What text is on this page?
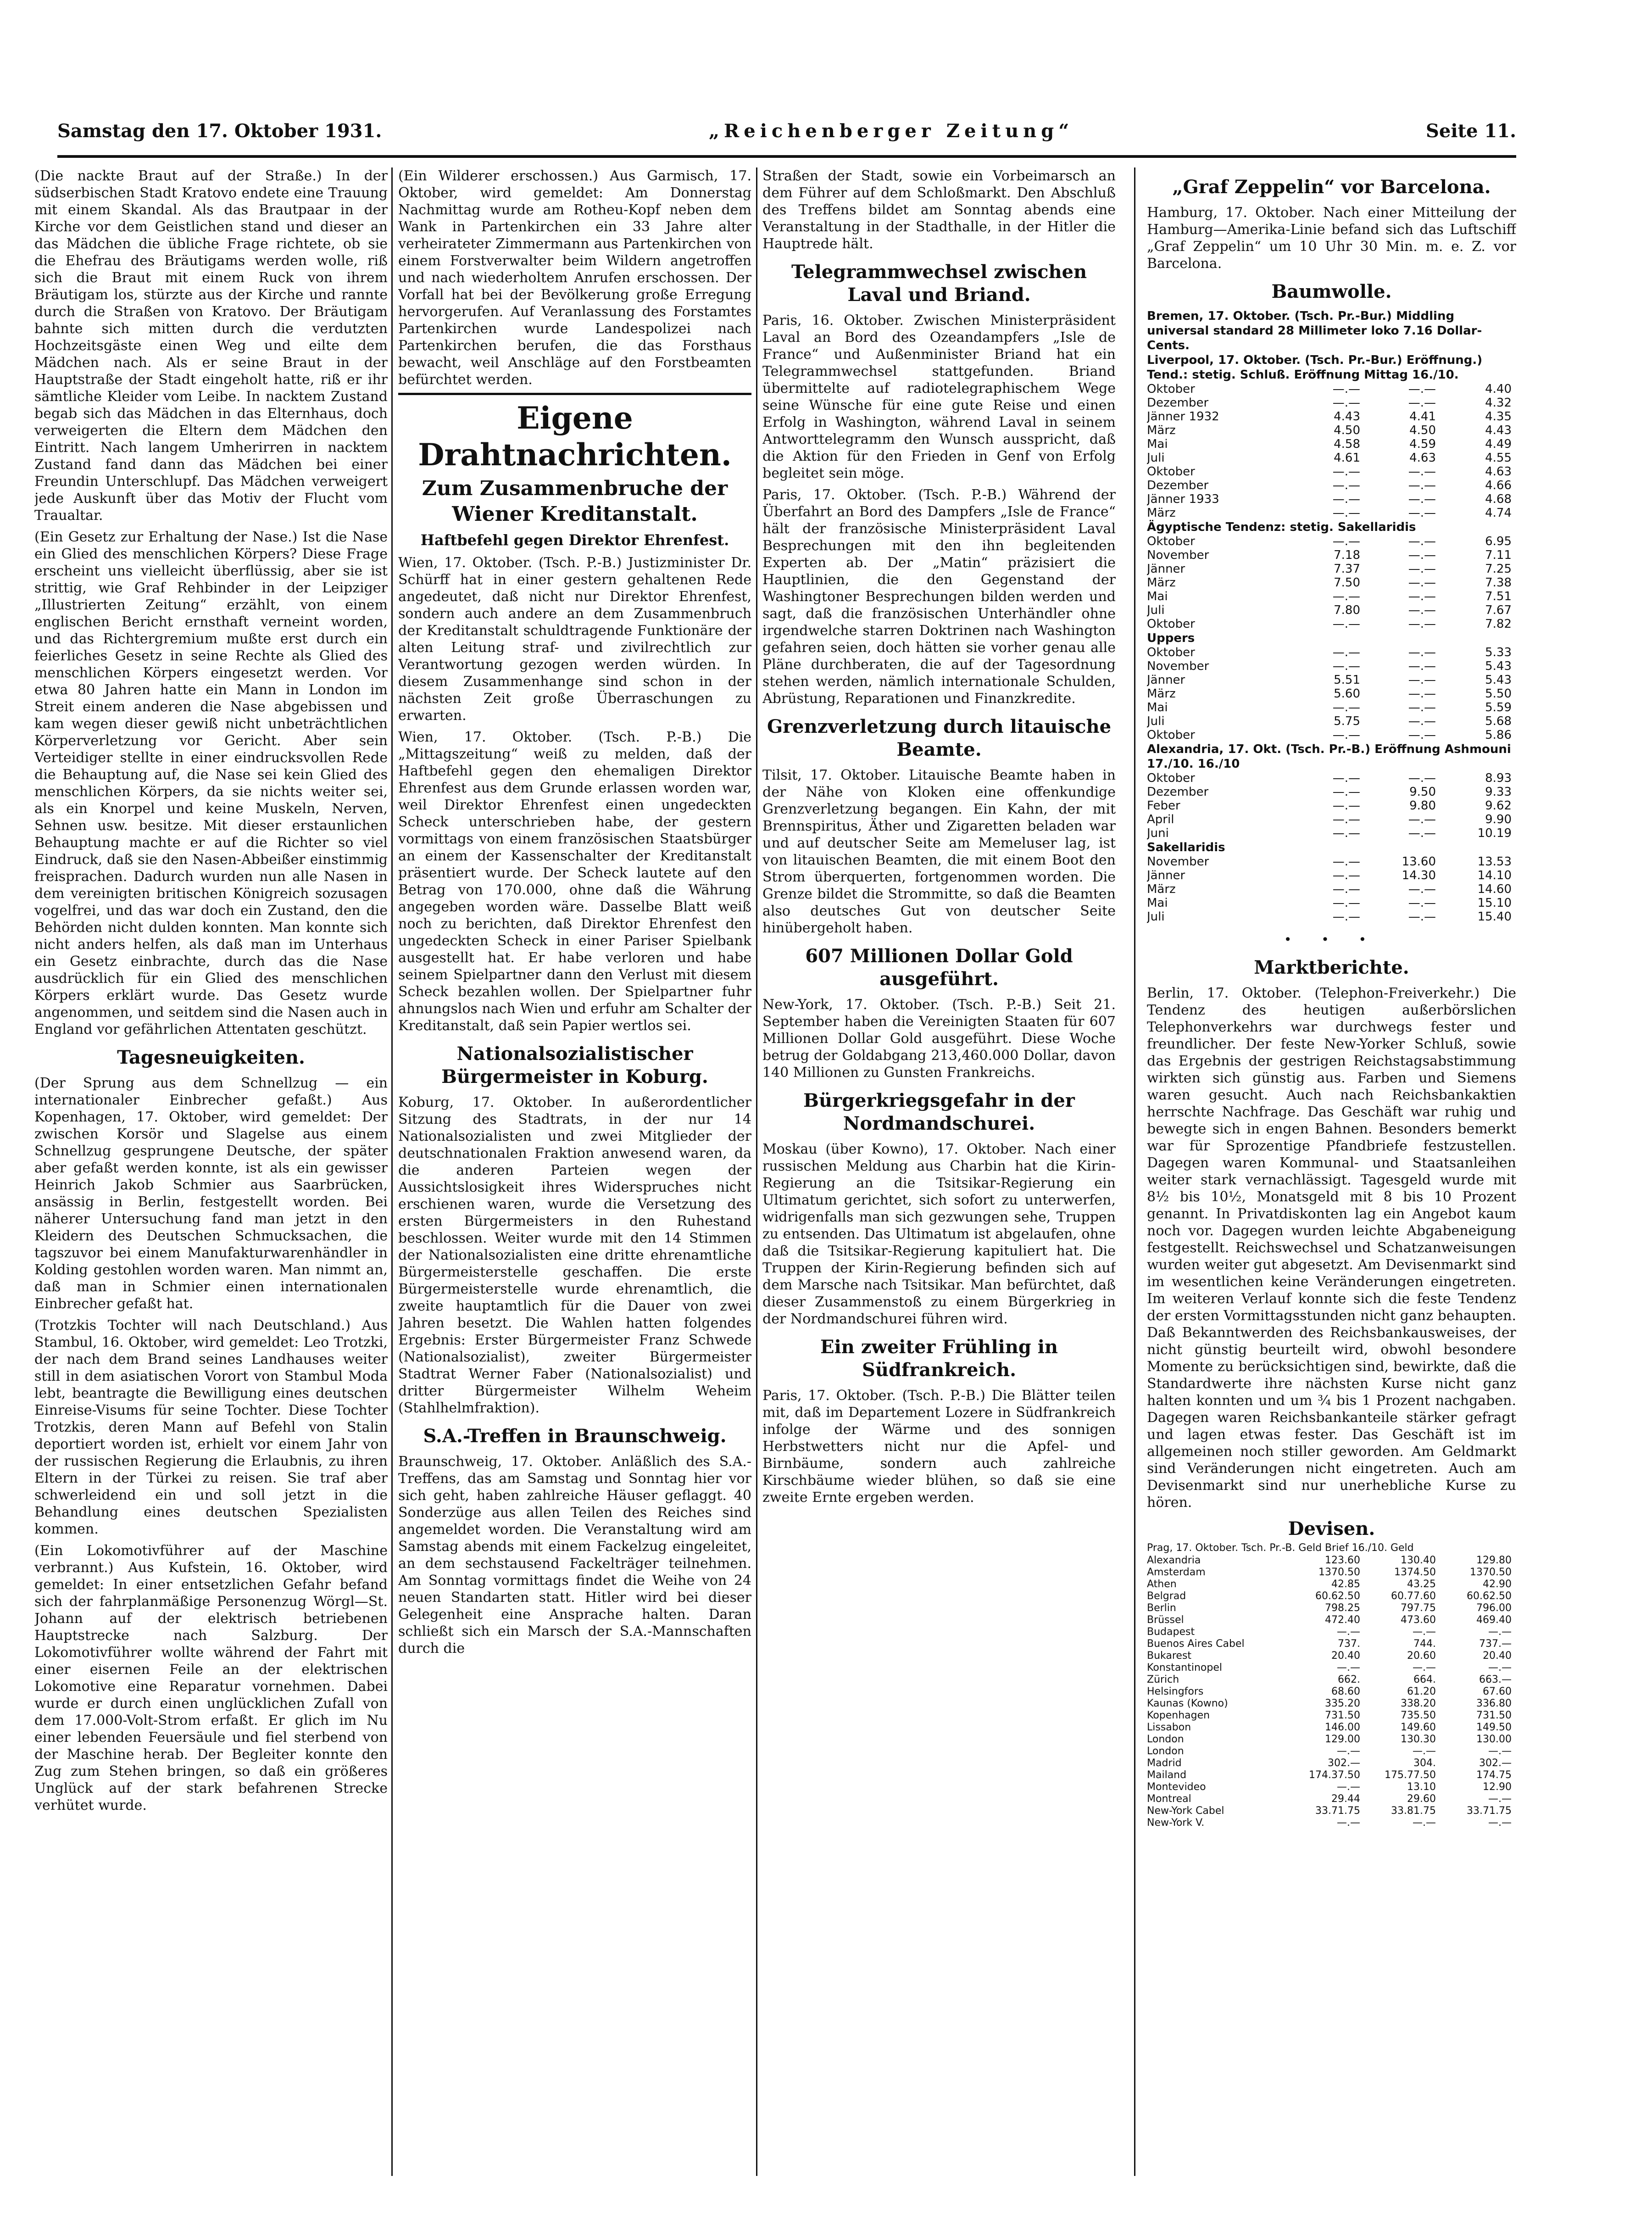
Samstag den 17. Oktober 1931.	„Reichenberger Zeitung“	Seite 11.

(Die nackte Braut auf der Straße.) In der südserbischen Stadt Kratovo endete eine Trauung mit einem Skandal. Als das Brautpaar in der Kirche vor dem Geistlichen stand und dieser an das Mädchen die übliche Frage richtete, ob sie die Ehefrau des Bräutigams werden wolle, riß sich die Braut mit einem Ruck von ihrem Bräutigam los, stürzte aus der Kirche und rannte durch die Straßen von Kratovo. Der Bräutigam bahnte sich mitten durch die verdutzten Hochzeitsgäste einen Weg und eilte dem Mädchen nach. Als er seine Braut in der Hauptstraße der Stadt eingeholt hatte, riß er ihr sämtliche Kleider vom Leibe. In nacktem Zustand begab sich das Mädchen in das Elternhaus, doch verweigerten die Eltern dem Mädchen den Eintritt. Nach langem Umherirren in nacktem Zustand fand dann das Mädchen bei einer Freundin Unterschlupf. Das Mädchen verweigert jede Auskunft über das Motiv der Flucht vom Traualtar.

(Ein Gesetz zur Erhaltung der Nase.) Ist die Nase ein Glied des menschlichen Körpers? Diese Frage erscheint uns vielleicht überflüssig, aber sie ist strittig, wie Graf Rehbinder in der Leipziger „Illustrierten Zeitung“ erzählt, von einem englischen Bericht ernsthaft verneint worden, und das Richtergremium mußte erst durch ein feierliches Gesetz in seine Rechte als Glied des menschlichen Körpers eingesetzt werden. Vor etwa 80 Jahren hatte ein Mann in London im Streit einem anderen die Nase abgebissen und kam wegen dieser gewiß nicht unbeträchtlichen Körperverletzung vor Gericht. Aber sein Verteidiger stellte in einer eindrucksvollen Rede die Behauptung auf, die Nase sei kein Glied des menschlichen Körpers, da sie nichts weiter sei, als ein Knorpel und keine Muskeln, Nerven, Sehnen usw. besitze. Mit dieser erstaunlichen Behauptung machte er auf die Richter so viel Eindruck, daß sie den Nasen-Abbeißer einstimmig freisprachen. Dadurch wurden nun alle Nasen in dem vereinigten britischen Königreich sozusagen vogelfrei, und das war doch ein Zustand, den die Behörden nicht dulden konnten. Man konnte sich nicht anders helfen, als daß man im Unterhaus ein Gesetz einbrachte, durch das die Nase ausdrücklich für ein Glied des menschlichen Körpers erklärt wurde. Das Gesetz wurde angenommen, und seitdem sind die Nasen auch in England vor gefährlichen Attentaten geschützt.

Tagesneuigkeiten.

(Der Sprung aus dem Schnellzug — ein internationaler Einbrecher gefaßt.) Aus Kopenhagen, 17. Oktober, wird gemeldet: Der zwischen Korsör und Slagelse aus einem Schnellzug gesprungene Deutsche, der später aber gefaßt werden konnte, ist als ein gewisser Heinrich Jakob Schmier aus Saarbrücken, ansässig in Berlin, festgestellt worden. Bei näherer Untersuchung fand man jetzt in den Kleidern des Deutschen Schmucksachen, die tagszuvor bei einem Manufakturwarenhändler in Kolding gestohlen worden waren. Man nimmt an, daß man in Schmier einen internationalen Einbrecher gefaßt hat.

(Trotzkis Tochter will nach Deutschland.) Aus Stambul, 16. Oktober, wird gemeldet: Leo Trotzki, der nach dem Brand seines Landhauses weiter still in dem asiatischen Vorort von Stambul Moda lebt, beantragte die Bewilligung eines deutschen Einreise-Visums für seine Tochter. Diese Tochter Trotzkis, deren Mann auf Befehl von Stalin deportiert worden ist, erhielt vor einem Jahr von der russischen Regierung die Erlaubnis, zu ihren Eltern in der Türkei zu reisen. Sie traf aber schwerleidend ein und soll jetzt in die Behandlung eines deutschen Spezialisten kommen.

(Ein Lokomotivführer auf der Maschine verbrannt.) Aus Kufstein, 16. Oktober, wird gemeldet: In einer entsetzlichen Gefahr befand sich der fahrplanmäßige Personenzug Wörgl—St. Johann auf der elektrisch betriebenen Hauptstrecke nach Salzburg. Der Lokomotivführer wollte während der Fahrt mit einer eisernen Feile an der elektrischen Lokomotive eine Reparatur vornehmen. Dabei wurde er durch einen unglücklichen Zufall von dem 17.000-Volt-Strom erfaßt. Er glich im Nu einer lebenden Feuersäule und fiel sterbend von der Maschine herab. Der Begleiter konnte den Zug zum Stehen bringen, so daß ein größeres Unglück auf der stark befahrenen Strecke verhütet wurde.

(Ein Wilderer erschossen.) Aus Garmisch, 17. Oktober, wird gemeldet: Am Donnerstag Nachmittag wurde am Rotheu-Kopf neben dem Wank in Partenkirchen ein 33 Jahre alter verheirateter Zimmermann aus Partenkirchen von einem Forstverwalter beim Wildern angetroffen und nach wiederholtem Anrufen erschossen. Der Vorfall hat bei der Bevölkerung große Erregung hervorgerufen. Auf Veranlassung des Forstamtes Partenkirchen wurde Landespolizei nach Partenkirchen berufen, die das Forsthaus bewacht, weil Anschläge auf den Forstbeamten befürchtet werden.

Eigene Drahtnachrichten.
Zum Zusammenbruche der Wiener Kreditanstalt.
Haftbefehl gegen Direktor Ehrenfest.

Wien, 17. Oktober. (Tsch. P.-B.) Justizminister Dr. Schürff hat in einer gestern gehaltenen Rede angedeutet, daß nicht nur Direktor Ehrenfest, sondern auch andere an dem Zusammenbruch der Kreditanstalt schuldtragende Funktionäre der alten Leitung straf- und zivilrechtlich zur Verantwortung gezogen werden würden. In diesem Zusammenhange sind schon in der nächsten Zeit große Überraschungen zu erwarten.

Wien, 17. Oktober. (Tsch. P.-B.) Die „Mittagszeitung“ weiß zu melden, daß der Haftbefehl gegen den ehemaligen Direktor Ehrenfest aus dem Grunde erlassen worden war, weil Direktor Ehrenfest einen ungedeckten Scheck unterschrieben habe, der gestern vormittags von einem französischen Staatsbürger an einem der Kassenschalter der Kreditanstalt präsentiert wurde. Der Scheck lautete auf den Betrag von 170.000, ohne daß die Währung angegeben worden wäre. Dasselbe Blatt weiß noch zu berichten, daß Direktor Ehrenfest den ungedeckten Scheck in einer Pariser Spielbank ausgestellt hat. Er habe verloren und habe seinem Spielpartner dann den Verlust mit diesem Scheck bezahlen wollen. Der Spielpartner fuhr ahnungslos nach Wien und erfuhr am Schalter der Kreditanstalt, daß sein Papier wertlos sei.

Nationalsozialistischer Bürgermeister in Koburg.

Koburg, 17. Oktober. In außerordentlicher Sitzung des Stadtrats, in der nur 14 Nationalsozialisten und zwei Mitglieder der deutschnationalen Fraktion anwesend waren, da die anderen Parteien wegen der Aussichtslosigkeit ihres Widerspruches nicht erschienen waren, wurde die Versetzung des ersten Bürgermeisters in den Ruhestand beschlossen. Weiter wurde mit den 14 Stimmen der Nationalsozialisten eine dritte ehrenamtliche Bürgermeisterstelle geschaffen. Die erste Bürgermeisterstelle wurde ehrenamtlich, die zweite hauptamtlich für die Dauer von zwei Jahren besetzt. Die Wahlen hatten folgendes Ergebnis: Erster Bürgermeister Franz Schwede (Nationalsozialist), zweiter Bürgermeister Stadtrat Werner Faber (Nationalsozialist) und dritter Bürgermeister Wilhelm Weheim (Stahlhelmfraktion).

S.A.-Treffen in Braunschweig.

Braunschweig, 17. Oktober. Anläßlich des S.A.-Treffens, das am Samstag und Sonntag hier vor sich geht, haben zahlreiche Häuser geflaggt. 40 Sonderzüge aus allen Teilen des Reiches sind angemeldet worden. Die Veranstaltung wird am Samstag abends mit einem Fackelzug eingeleitet, an dem sechstausend Fackelträger teilnehmen. Am Sonntag vormittags findet die Weihe von 24 neuen Standarten statt. Hitler wird bei dieser Gelegenheit eine Ansprache halten. Daran schließt sich ein Marsch der S.A.-Mannschaften durch die

Straßen der Stadt, sowie ein Vorbeimarsch an dem Führer auf dem Schloßmarkt. Den Abschluß des Treffens bildet am Sonntag abends eine Veranstaltung in der Stadthalle, in der Hitler die Hauptrede hält.

Telegrammwechsel zwischen Laval und Briand.

Paris, 16. Oktober. Zwischen Ministerpräsident Laval an Bord des Ozeandampfers „Isle de France“ und Außenminister Briand hat ein Telegrammwechsel stattgefunden. Briand übermittelte auf radiotelegraphischem Wege seine Wünsche für eine gute Reise und einen Erfolg in Washington, während Laval in seinem Antworttelegramm den Wunsch ausspricht, daß die Aktion für den Frieden in Genf von Erfolg begleitet sein möge.

Paris, 17. Oktober. (Tsch. P.-B.) Während der Überfahrt an Bord des Dampfers „Isle de France“ hält der französische Ministerpräsident Laval Besprechungen mit den ihn begleitenden Experten ab. Der „Matin“ präzisiert die Hauptlinien, die den Gegenstand der Washingtoner Besprechungen bilden werden und sagt, daß die französischen Unterhändler ohne irgendwelche starren Doktrinen nach Washington gefahren seien, doch hätten sie vorher genau alle Pläne durchberaten, die auf der Tagesordnung stehen werden, nämlich internationale Schulden, Abrüstung, Reparationen und Finanzkredite.

Grenzverletzung durch litauische Beamte.

Tilsit, 17. Oktober. Litauische Beamte haben in der Nähe von Kloken eine offenkundige Grenzverletzung begangen. Ein Kahn, der mit Brennspiritus, Äther und Zigaretten beladen war und auf deutscher Seite am Memeluser lag, ist von litauischen Beamten, die mit einem Boot den Strom überquerten, fortgenommen worden. Die Grenze bildet die Strommitte, so daß die Beamten also deutsches Gut von deutscher Seite hinübergeholt haben.

607 Millionen Dollar Gold ausgeführt.

New-York, 17. Oktober. (Tsch. P.-B.) Seit 21. September haben die Vereinigten Staaten für 607 Millionen Dollar Gold ausgeführt. Diese Woche betrug der Goldabgang 213,460.000 Dollar, davon 140 Millionen zu Gunsten Frankreichs.

Bürgerkriegsgefahr in der Nordmandschurei.

Moskau (über Kowno), 17. Oktober. Nach einer russischen Meldung aus Charbin hat die Kirin-Regierung an die Tsitsikar-Regierung ein Ultimatum gerichtet, sich sofort zu unterwerfen, widrigenfalls man sich gezwungen sehe, Truppen zu entsenden. Das Ultimatum ist abgelaufen, ohne daß die Tsitsikar-Regierung kapituliert hat. Die Truppen der Kirin-Regierung befinden sich auf dem Marsche nach Tsitsikar. Man befürchtet, daß dieser Zusammenstoß zu einem Bürgerkrieg in der Nordmandschurei führen wird.

Ein zweiter Frühling in Südfrankreich.

Paris, 17. Oktober. (Tsch. P.-B.) Die Blätter teilen mit, daß im Departement Lozere in Südfrankreich infolge der Wärme und des sonnigen Herbstwetters nicht nur die Apfel- und Birnbäume, sondern auch zahlreiche Kirschbäume wieder blühen, so daß sie eine zweite Ernte ergeben werden.

„Graf Zeppelin“ vor Barcelona.

Hamburg, 17. Oktober. Nach einer Mitteilung der Hamburg—Amerika-Linie befand sich das Luftschiff „Graf Zeppelin“ um 10 Uhr 30 Min. m. e. Z. vor Barcelona.

Baumwolle.
Bremen, 17. Oktober. (Tsch. Pr.-Bur.) Middling universal standard 28 Millimeter loko 7.16 Dollar-Cents.
Liverpool, 17. Oktober. (Tsch. Pr.-Bur.) Eröffnung.) Tend.: stetig. Schluß. Eröffnung Mittag 16./10.
Oktober	—.—	—.—	4.40
Dezember	—.—	—.—	4.32
Jänner 1932	4.43	4.41	4.35
März	4.50	4.50	4.43
Mai	4.58	4.59	4.49
Juli	4.61	4.63	4.55
Oktober	—.—	—.—	4.63
Dezember	—.—	—.—	4.66
Jänner 1933	—.—	—.—	4.68
März	—.—	—.—	4.74
Ägyptische Tendenz: stetig. Sakellaridis
Oktober	—.—	—.—	6.95
November	7.18	—.—	7.11
Jänner	7.37	—.—	7.25
März	7.50	—.—	7.38
Mai	—.—	—.—	7.51
Juli	7.80	—.—	7.67
Oktober	—.—	—.—	7.82
Uppers
Oktober	—.—	—.—	5.33
November	—.—	—.—	5.43
Jänner	5.51	—.—	5.43
März	5.60	—.—	5.50
Mai	—.—	—.—	5.59
Juli	5.75	—.—	5.68
Oktober	—.—	—.—	5.86
Alexandria, 17. Okt. (Tsch. Pr.-B.) Eröffnung Ashmouni 17./10. 16./10
Oktober	—.—	—.—	8.93
Dezember	—.—	9.50	9.33
Feber	—.—	9.80	9.62
April	—.—	—.—	9.90
Juni	—.—	—.—	10.19
Sakellaridis
November	—.—	13.60	13.53
Jänner	—.—	14.30	14.10
März	—.—	—.—	14.60
Mai	—.—	—.—	15.10
Juli	—.—	—.—	15.40
• • •
Marktberichte.

Berlin, 17. Oktober. (Telephon-Freiverkehr.) Die Tendenz des heutigen außerbörslichen Telephonverkehrs war durchwegs fester und freundlicher. Der feste New-Yorker Schluß, sowie das Ergebnis der gestrigen Reichstagsabstimmung wirkten sich günstig aus. Farben und Siemens waren gesucht. Auch nach Reichsbankaktien herrschte Nachfrage. Das Geschäft war ruhig und bewegte sich in engen Bahnen. Besonders bemerkt war für Sprozentige Pfandbriefe festzustellen. Dagegen waren Kommunal- und Staatsanleihen weiter stark vernachlässigt. Tagesgeld wurde mit 8½ bis 10½, Monatsgeld mit 8 bis 10 Prozent genannt. In Privatdiskonten lag ein Angebot kaum noch vor. Dagegen wurden leichte Abgabeneigung festgestellt. Reichswechsel und Schatzanweisungen wurden weiter gut abgesetzt. Am Devisenmarkt sind im wesentlichen keine Veränderungen eingetreten. Im weiteren Verlauf konnte sich die feste Tendenz der ersten Vormittagsstunden nicht ganz behaupten. Daß Bekanntwerden des Reichsbankausweises, der nicht günstig beurteilt wird, obwohl besondere Momente zu berücksichtigen sind, bewirkte, daß die Standardwerte ihre nächsten Kurse nicht ganz halten konnten und um ¾ bis 1 Prozent nachgaben. Dagegen waren Reichsbankanteile stärker gefragt und lagen etwas fester. Das Geschäft ist im allgemeinen noch stiller geworden. Am Geldmarkt sind Veränderungen nicht eingetreten. Auch am Devisenmarkt sind nur unerhebliche Kurse zu hören.

Devisen.
Prag, 17. Oktober. Tsch. Pr.-B. Geld Brief 16./10. Geld
Alexandria	123.60	130.40	129.80
Amsterdam	1370.50	1374.50	1370.50
Athen	42.85	43.25	42.90
Belgrad	60.62.50	60.77.60	60.62.50
Berlin	798.25	797.75	796.00
Brüssel	472.40	473.60	469.40
Budapest	—.—	—.—	—.—
Buenos Aires Cabel	737.	744.	737.—
Bukarest	20.40	20.60	20.40
Konstantinopel	—.—	—.—	—.—
Zürich	662.	664.	663.—
Helsingfors	68.60	61.20	67.60
Kaunas (Kowno)	335.20	338.20	336.80
Kopenhagen	731.50	735.50	731.50
Lissabon	146.00	149.60	149.50
London	129.00	130.30	130.00
London	—.—	—.—	—.—
Madrid	302.—	304.	302.—
Mailand	174.37.50	175.77.50	174.75
Montevideo	—.—	13.10	12.90
Montreal	29.44	29.60	—.—
New-York Cabel	33.71.75	33.81.75	33.71.75
New-York V.	—.—	—.—	—.—
